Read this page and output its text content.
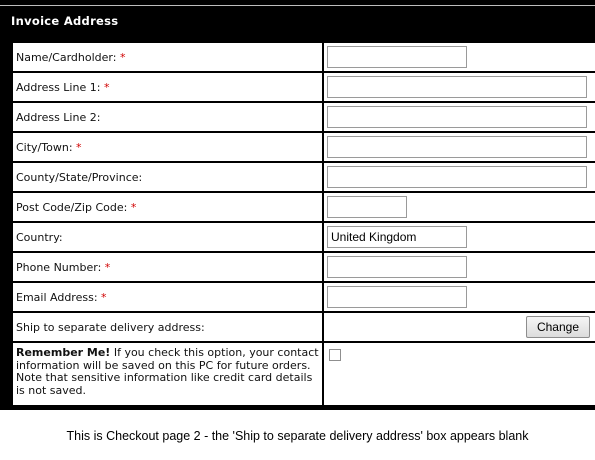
Invoice Address
Name/Cardholder: *	

Address Line 1: *	

Address Line 2:	

City/Town: *	

County/State/Province:	

Post Code/Zip Code: *	

Country:	
United Kingdom
Phone Number: *	

Email Address: *	

Ship to separate delivery address:	Change

Remember Me! If you check this option, your contact information will be saved on this PC for future orders. Note that sensitive information like credit card details is not saved.	
This is Checkout page 2 - the 'Ship to separate delivery address' box appears blank
